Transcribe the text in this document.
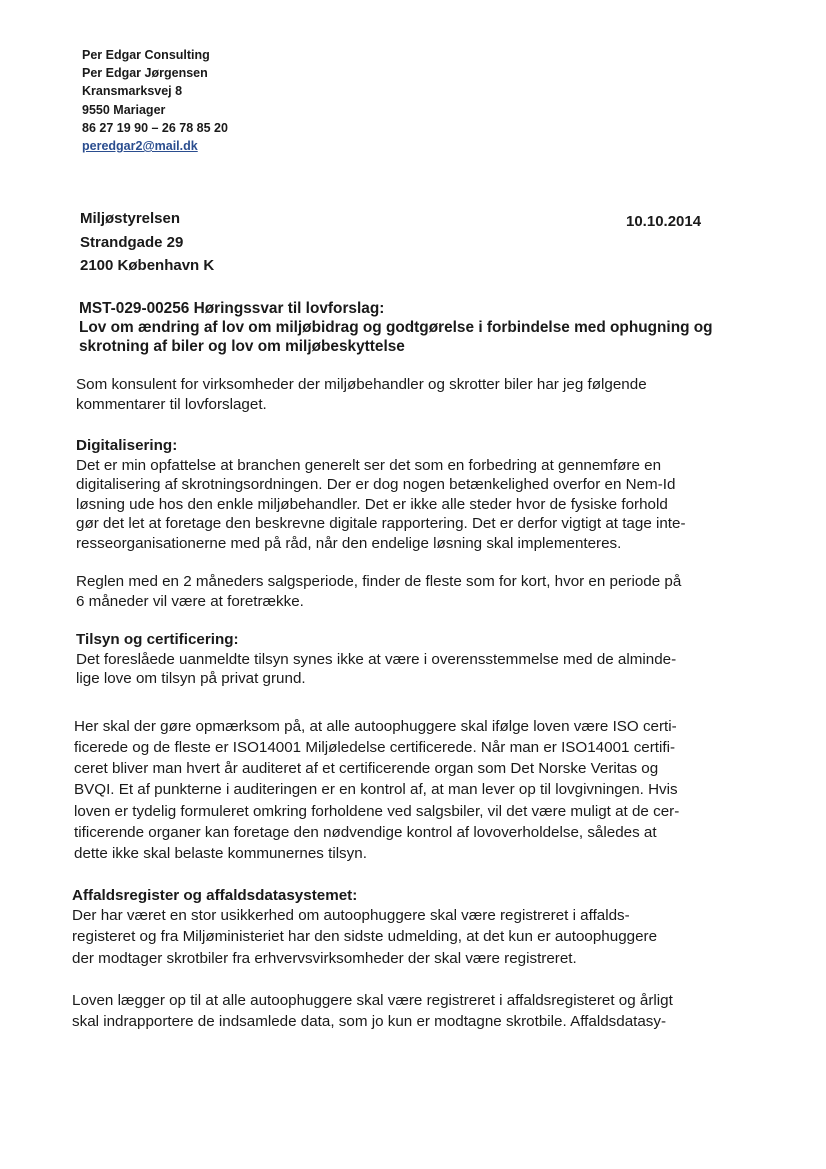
Per Edgar Consulting
Per Edgar Jørgensen
Kransmarksvej 8
9550 Mariager
86 27 19 90 – 26 78 85 20
peredgar2@mail.dk
Miljøstyrelsen
Strandgade 29
2100 København K
10.10.2014
MST-029-00256 Høringssvar til lovforslag:
Lov om ændring af lov om miljøbidrag og godtgørelse i forbindelse med ophugning og skrotning af biler og lov om miljøbeskyttelse

Som konsulent for virksomheder der miljøbehandler og skrotter biler har jeg følgende
kommentarer til lovforslaget.

Digitalisering:

Det er min opfattelse at branchen generelt ser det som en forbedring at gennemføre en
digitalisering af skrotningsordningen. Der er dog nogen betænkelighed overfor en Nem-Id
løsning ude hos den enkle miljøbehandler. Det er ikke alle steder hvor de fysiske forhold
gør det let at foretage den beskrevne digitale rapportering. Det er derfor vigtigt at tage inte-
resseorganisationerne med på råd, når den endelige løsning skal implementeres.

Reglen med en 2 måneders salgsperiode, finder de fleste som for kort, hvor en periode på
6 måneder vil være at foretrække.

Tilsyn og certificering:

Det foreslåede uanmeldte tilsyn synes ikke at være i overensstemmelse med de alminde-
lige love om tilsyn på privat grund.

Her skal der gøre opmærksom på, at alle autoophuggere skal ifølge loven være ISO certi-
ficerede og de fleste er ISO14001 Miljøledelse certificerede. Når man er ISO14001 certifi-
ceret bliver man hvert år auditeret af et certificerende organ som Det Norske Veritas og
BVQI. Et af punkterne i auditeringen er en kontrol af, at man lever op til lovgivningen. Hvis
loven er tydelig formuleret omkring forholdene ved salgsbiler, vil det være muligt at de cer-
tificerende organer kan foretage den nødvendige kontrol af lovoverholdelse, således at
dette ikke skal belaste kommunernes tilsyn.

Affaldsregister og affaldsdatasystemet:

Der har været en stor usikkerhed om autoophuggere skal være registreret i affalds-
registeret og fra Miljøministeriet har den sidste udmelding, at det kun er autoophuggere
der modtager skrotbiler fra erhvervsvirksomheder der skal være registreret.

Loven lægger op til at alle autoophuggere skal være registreret i affaldsregisteret og årligt
skal indrapportere de indsamlede data, som jo kun er modtagne skrotbile. Affaldsdatasy-
